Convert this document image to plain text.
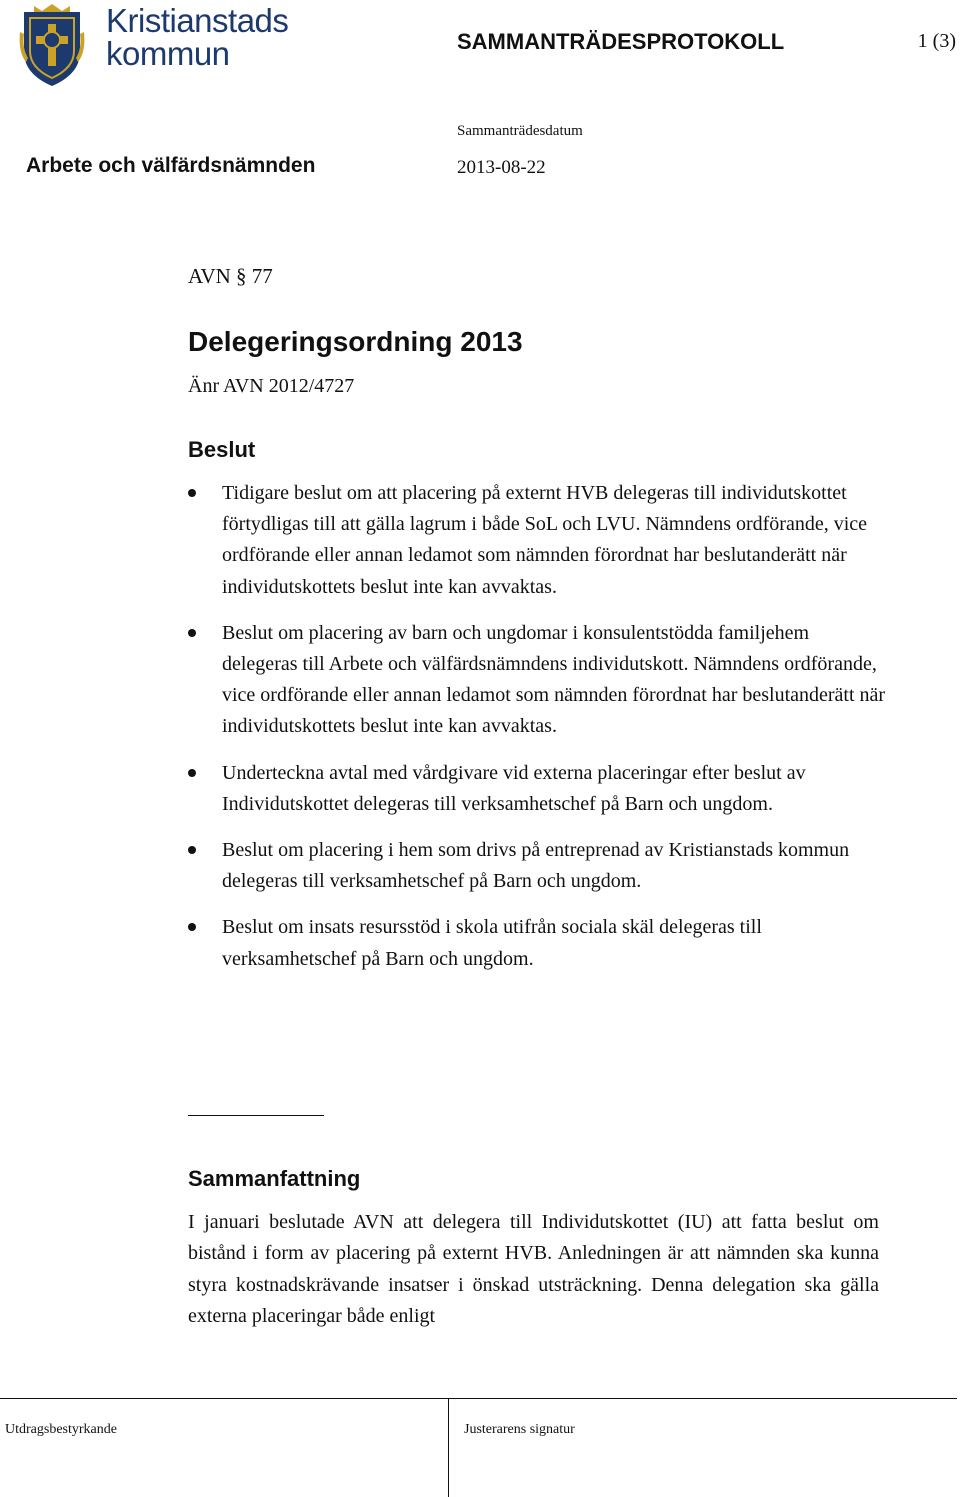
Kristianstads
kommun	SAMMANTRÄDESPROTOKOLL	1 (3)
Sammanträdesdatum
Arbete och välfärdsnämnden	2013-08-22
AVN § 77
Delegeringsordning 2013
Änr AVN 2012/4727
Beslut
Tidigare beslut om att placering på externt HVB delegeras till individutskottet förtydligas till att gälla lagrum i både SoL och LVU. Nämndens ordförande, vice ordförande eller annan ledamot som nämnden förordnat har beslutanderätt när individutskottets beslut inte kan avvaktas.
Beslut om placering av barn och ungdomar i konsulentstödda familjehem delegeras till Arbete och välfärdsnämndens individutskott. Nämndens ordförande, vice ordförande eller annan ledamot som nämnden förordnat har beslutanderätt när individutskottets beslut inte kan avvaktas.
Underteckna avtal med vårdgivare vid externa placeringar efter beslut av Individutskottet delegeras till verksamhetschef på Barn och ungdom.
Beslut om placering i hem som drivs på entreprenad av Kristianstads kommun delegeras till verksamhetschef på Barn och ungdom.
Beslut om insats resursstöd i skola utifrån sociala skäl delegeras till verksamhetschef på Barn och ungdom.
Sammanfattning

I januari beslutade AVN att delegera till Individutskottet (IU) att fatta beslut om bistånd i form av placering på externt HVB. Anledningen är att nämnden ska kunna styra kostnadskrävande insatser i önskad utsträckning. Denna delegation ska gälla externa placeringar både enligt

Utdragsbestyrkande	Justerarens signatur
